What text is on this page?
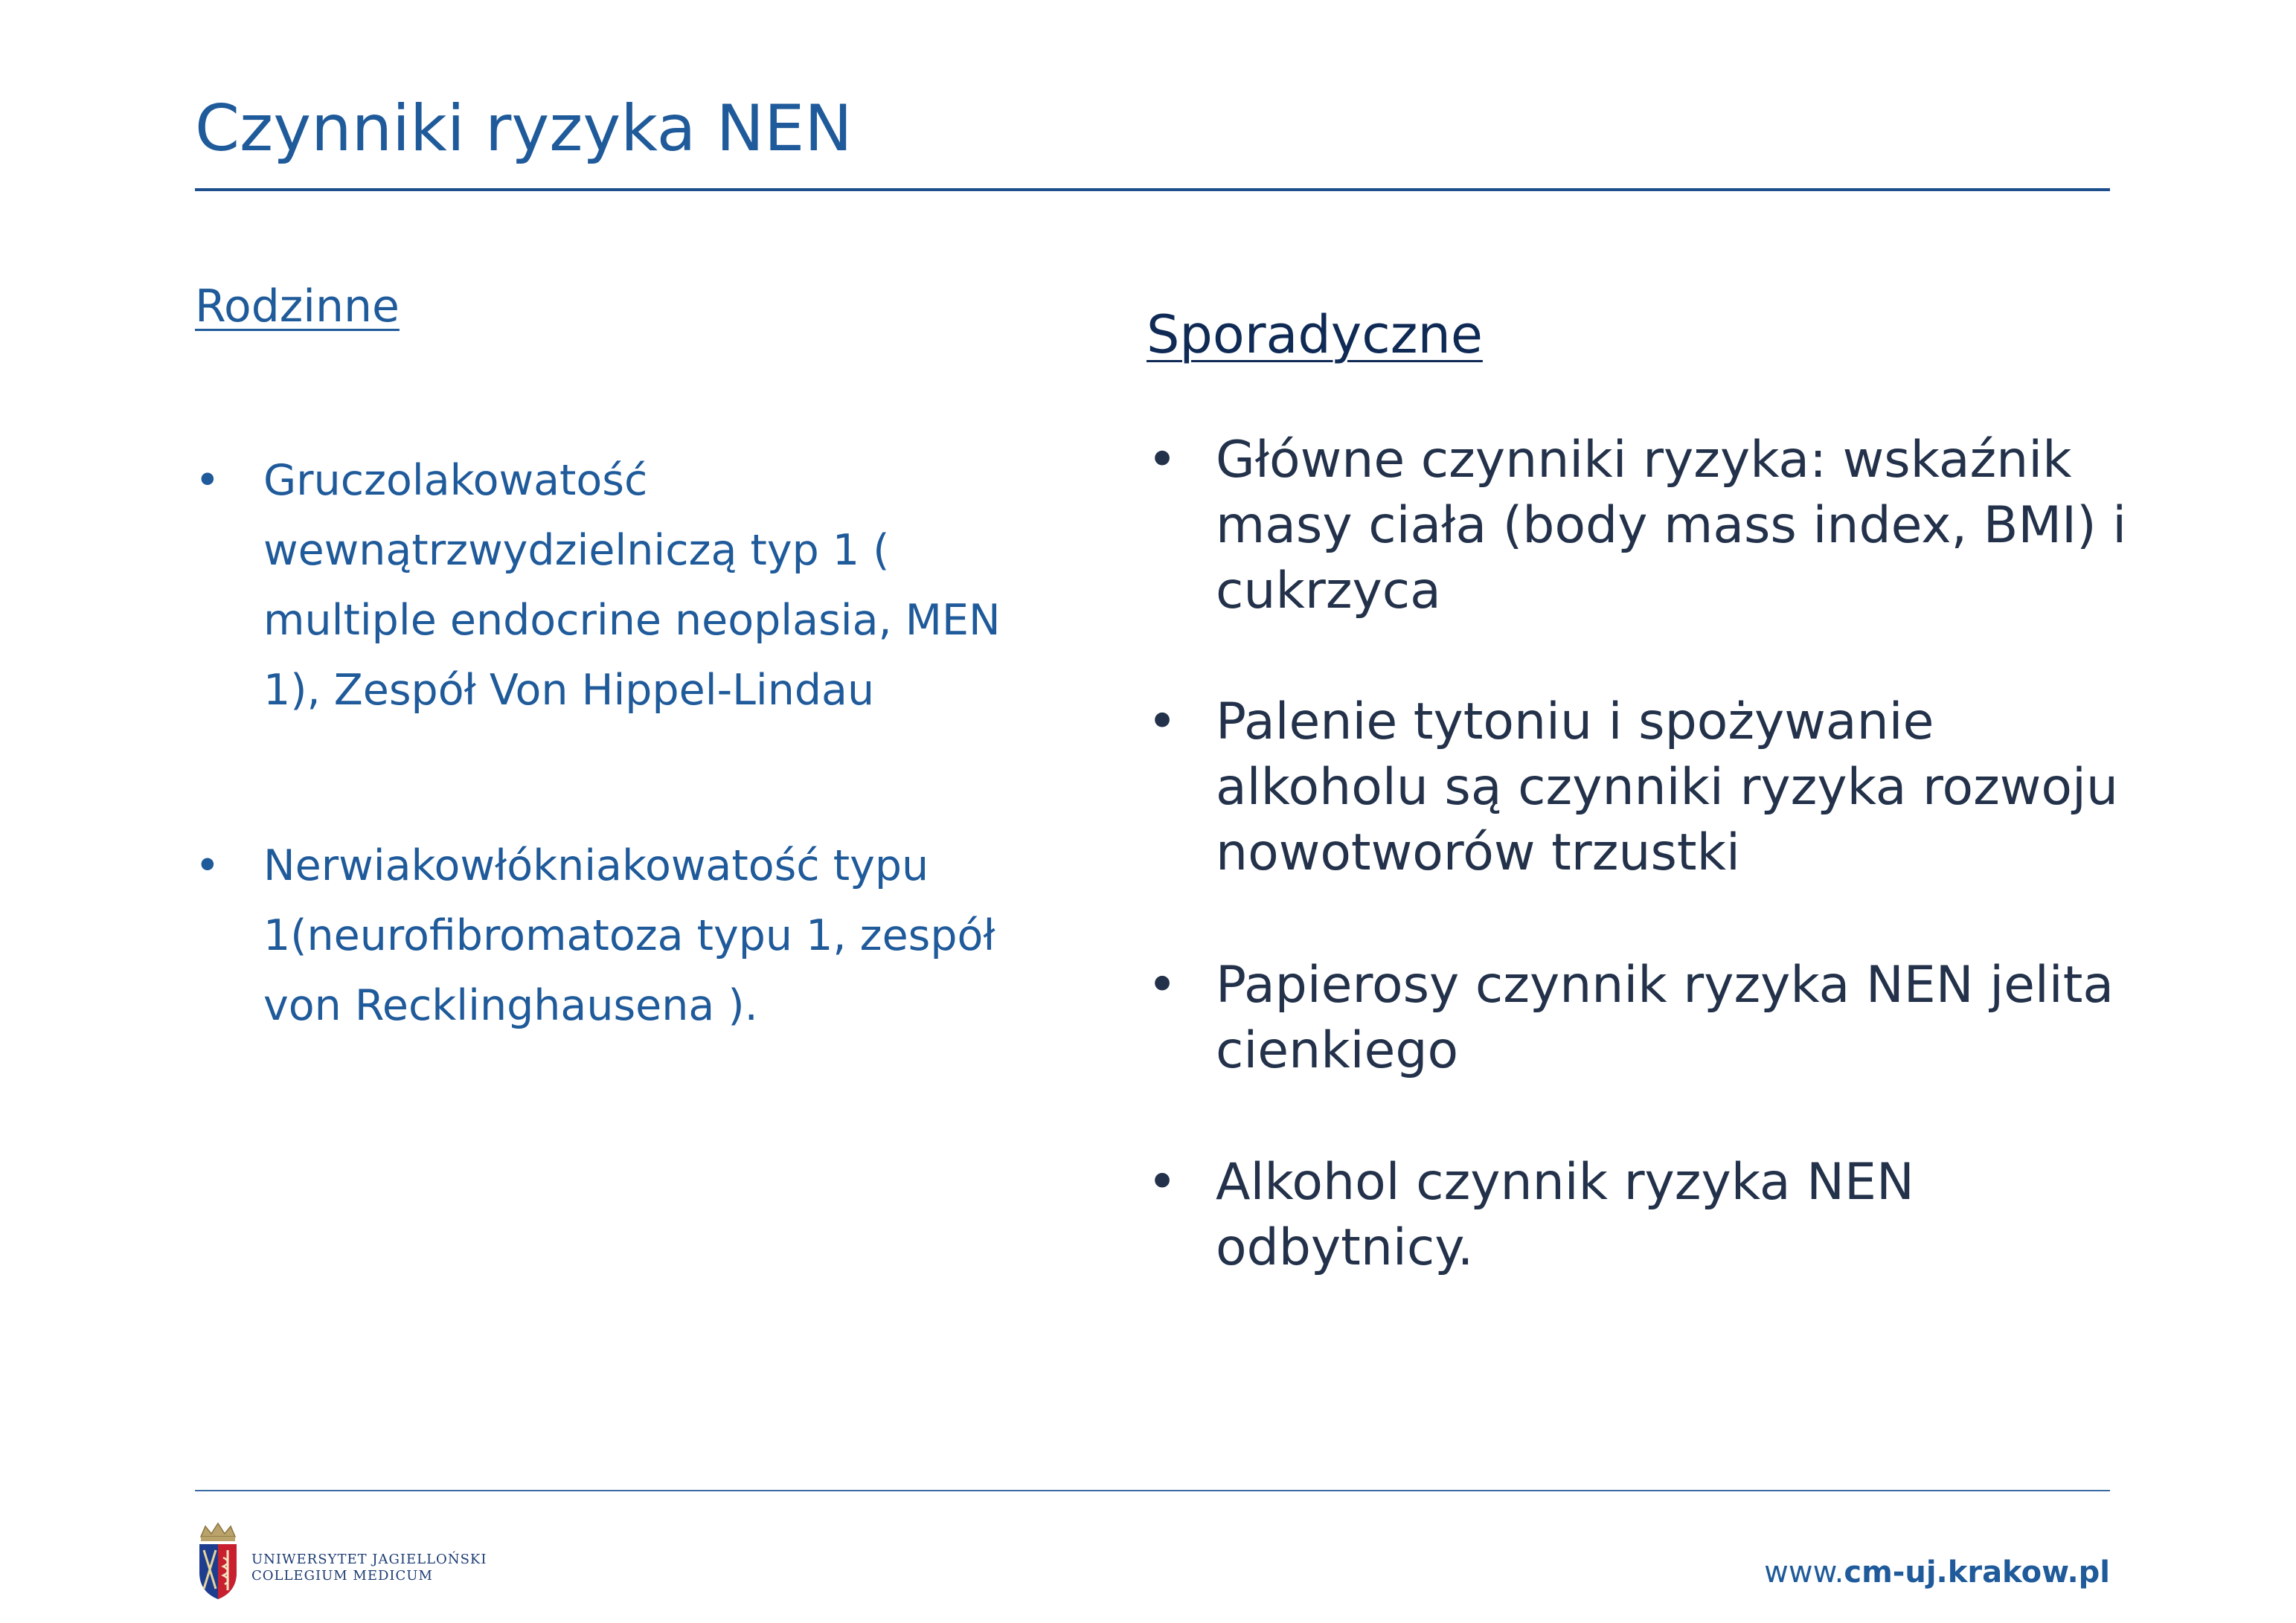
Czynniki ryzyka NEN
Rodzinne
• Gruczolakowatość wewnątrzwydzielniczą typ 1 ( multiple endocrine neoplasia, MEN 1), Zespół Von Hippel-Lindau
• Nerwiakowłókniakowatość typu 1(neurofibromatoza typu 1, zespół von Recklinghausena ).
Sporadyczne
• Główne czynniki ryzyka: wskaźnik masy ciała (body mass index, BMI) i cukrzyca
• Palenie tytoniu i spożywanie alkoholu są czynniki ryzyka rozwoju nowotworów trzustki
• Papierosy czynnik ryzyka NEN jelita cienkiego
• Alkohol czynnik ryzyka NEN odbytnicy.
UNIWERSYTET JAGIELLOŃSKI
COLLEGIUM MEDICUM	www.cm-uj.krakow.pl
